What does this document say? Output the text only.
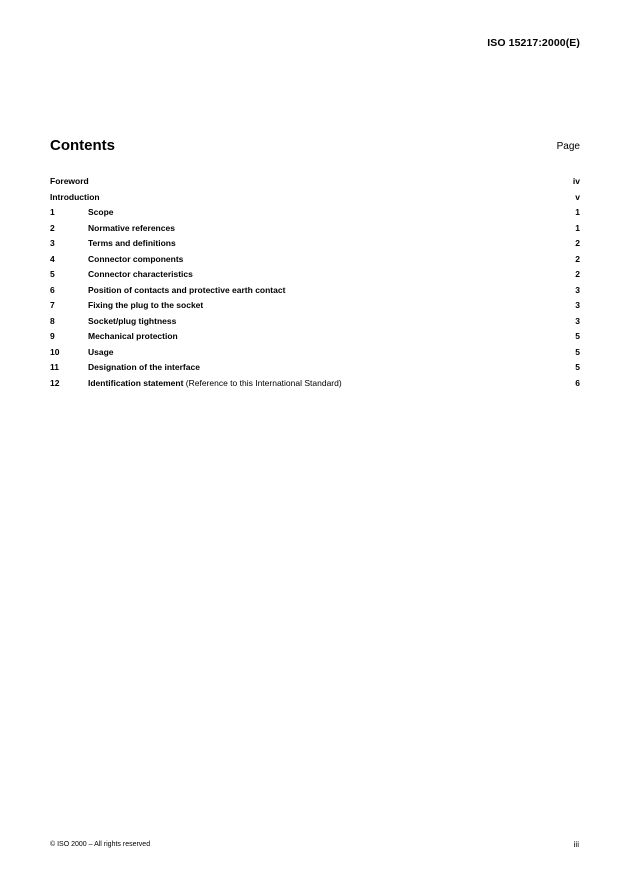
ISO 15217:2000(E)
Contents	Page
Foreword .....	iv
Introduction .....	v
1	Scope .....	1
2	Normative references .....	1
3	Terms and definitions .....	2
4	Connector components .....	2
5	Connector characteristics .....	2
6	Position of contacts and protective earth contact .....	3
7	Fixing the plug to the socket .....	3
8	Socket/plug tightness .....	3
9	Mechanical protection .....	5
10	Usage .....	5
11	Designation of the interface .....	5
12	Identification statement (Reference to this International Standard) .....	6
© ISO 2000 – All rights reserved	iii
